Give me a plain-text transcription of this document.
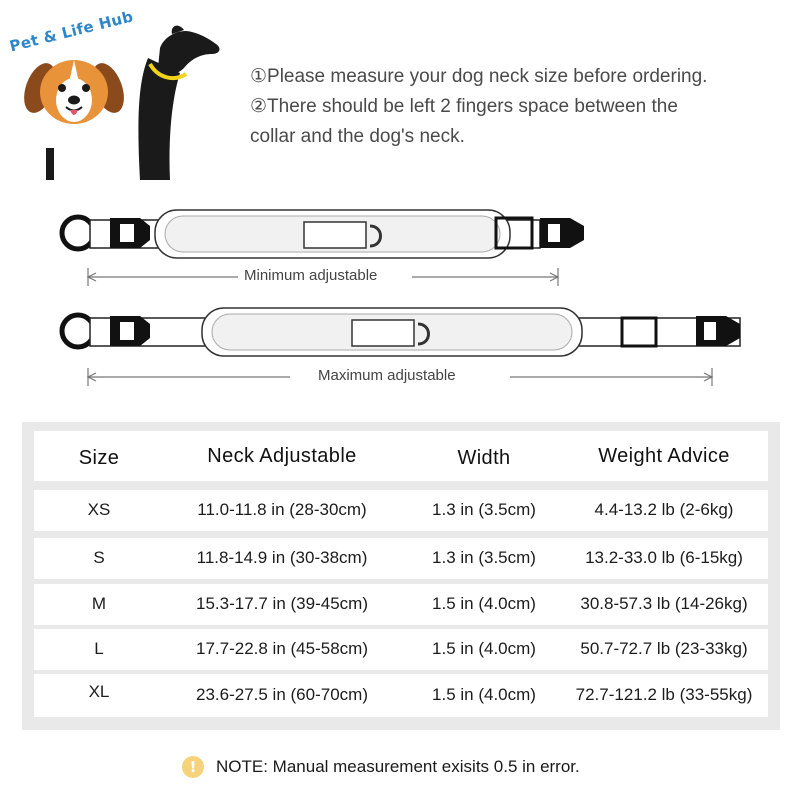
Pet & Life Hub

①Please measure your dog neck size before ordering.

②There should be left 2 fingers space between the

collar and the dog's neck.

Minimum adjustable
Maximum adjustable
Size	Neck Adjustable	Width	Weight Advice
XS	11.0-11.8 in (28-30cm)	1.3 in (3.5cm)	4.4-13.2 lb (2-6kg)
S	11.8-14.9 in (30-38cm)	1.3 in (3.5cm)	13.2-33.0 lb (6-15kg)
M	15.3-17.7 in (39-45cm)	1.5 in (4.0cm)	30.8-57.3 lb (14-26kg)
L	17.7-22.8 in (45-58cm)	1.5 in (4.0cm)	50.7-72.7 lb (23-33kg)
XL	23.6-27.5 in (60-70cm)	1.5 in (4.0cm)	72.7-121.2 lb (33-55kg)
!	NOTE: Manual measurement exisits 0.5 in error.
